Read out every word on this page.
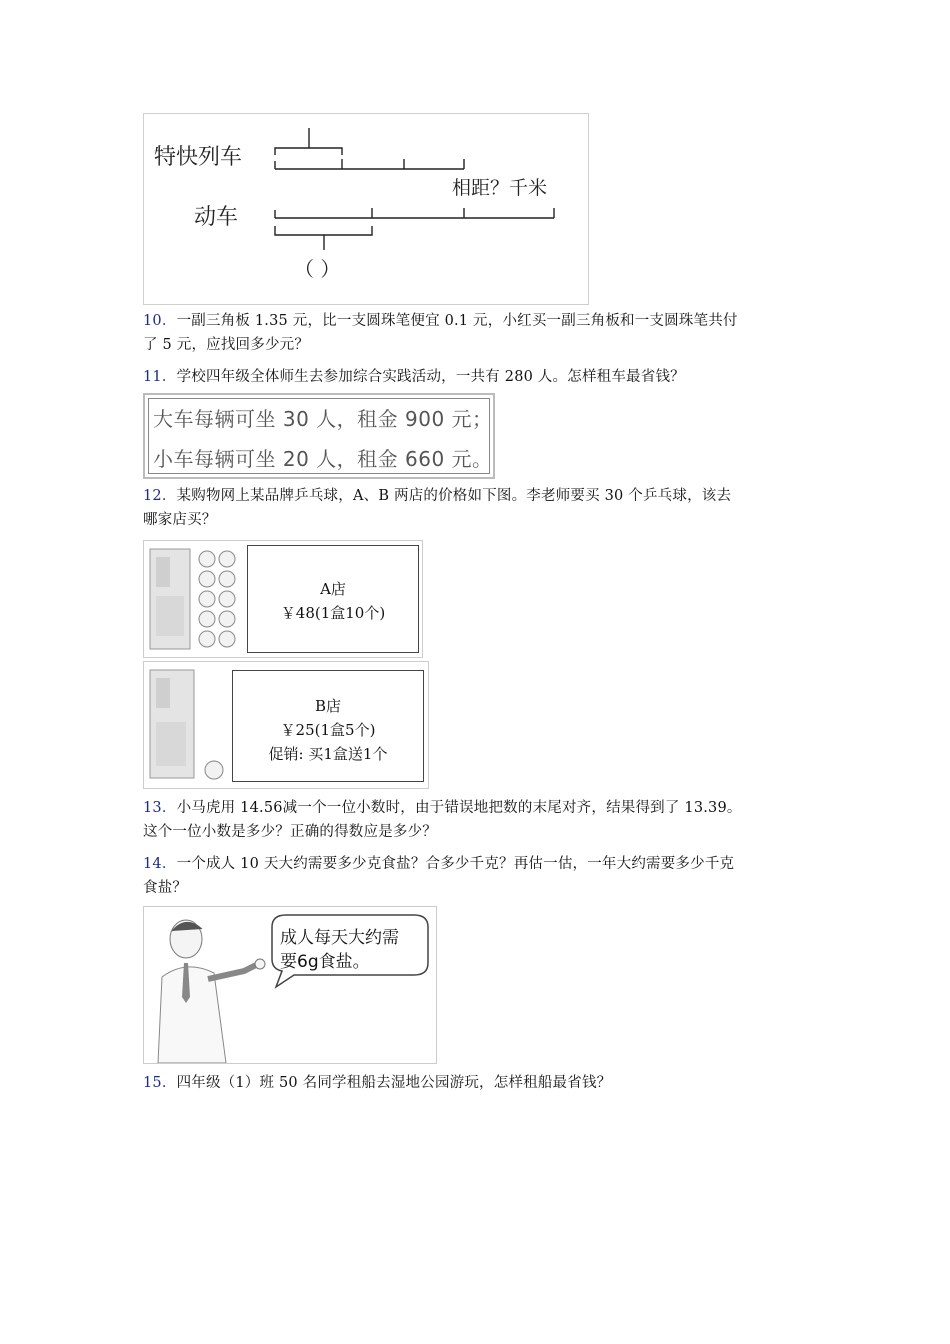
特快列车
动车
相距？千米
（ ）
10．一副三角板 1.35 元，比一支圆珠笔便宜 0.1 元，小红买一副三角板和一支圆珠笔共付
了 5 元，应找回多少元？
11．学校四年级全体师生去参加综合实践活动，一共有 280 人。怎样租车最省钱？
大车每辆可坐 30 人，租金 900 元；
小车每辆可坐 20 人，租金 660 元。
12．某购物网上某品牌乒乓球，A、B 两店的价格如下图。李老师要买 30 个乒乓球，该去
哪家店买？
A店
￥48(1盒10个)
B店
￥25(1盒5个)
促销: 买1盒送1个
13．小马虎用 14.56减一个一位小数时，由于错误地把数的末尾对齐，结果得到了 13.39。
这个一位小数是多少？正确的得数应是多少？
14．一个成人 10 天大约需要多少克食盐？合多少千克？再估一估，一年大约需要多少千克
食盐？
成人每天大约需
要6g食盐。
15．四年级（1）班 50 名同学租船去湿地公园游玩，怎样租船最省钱？
